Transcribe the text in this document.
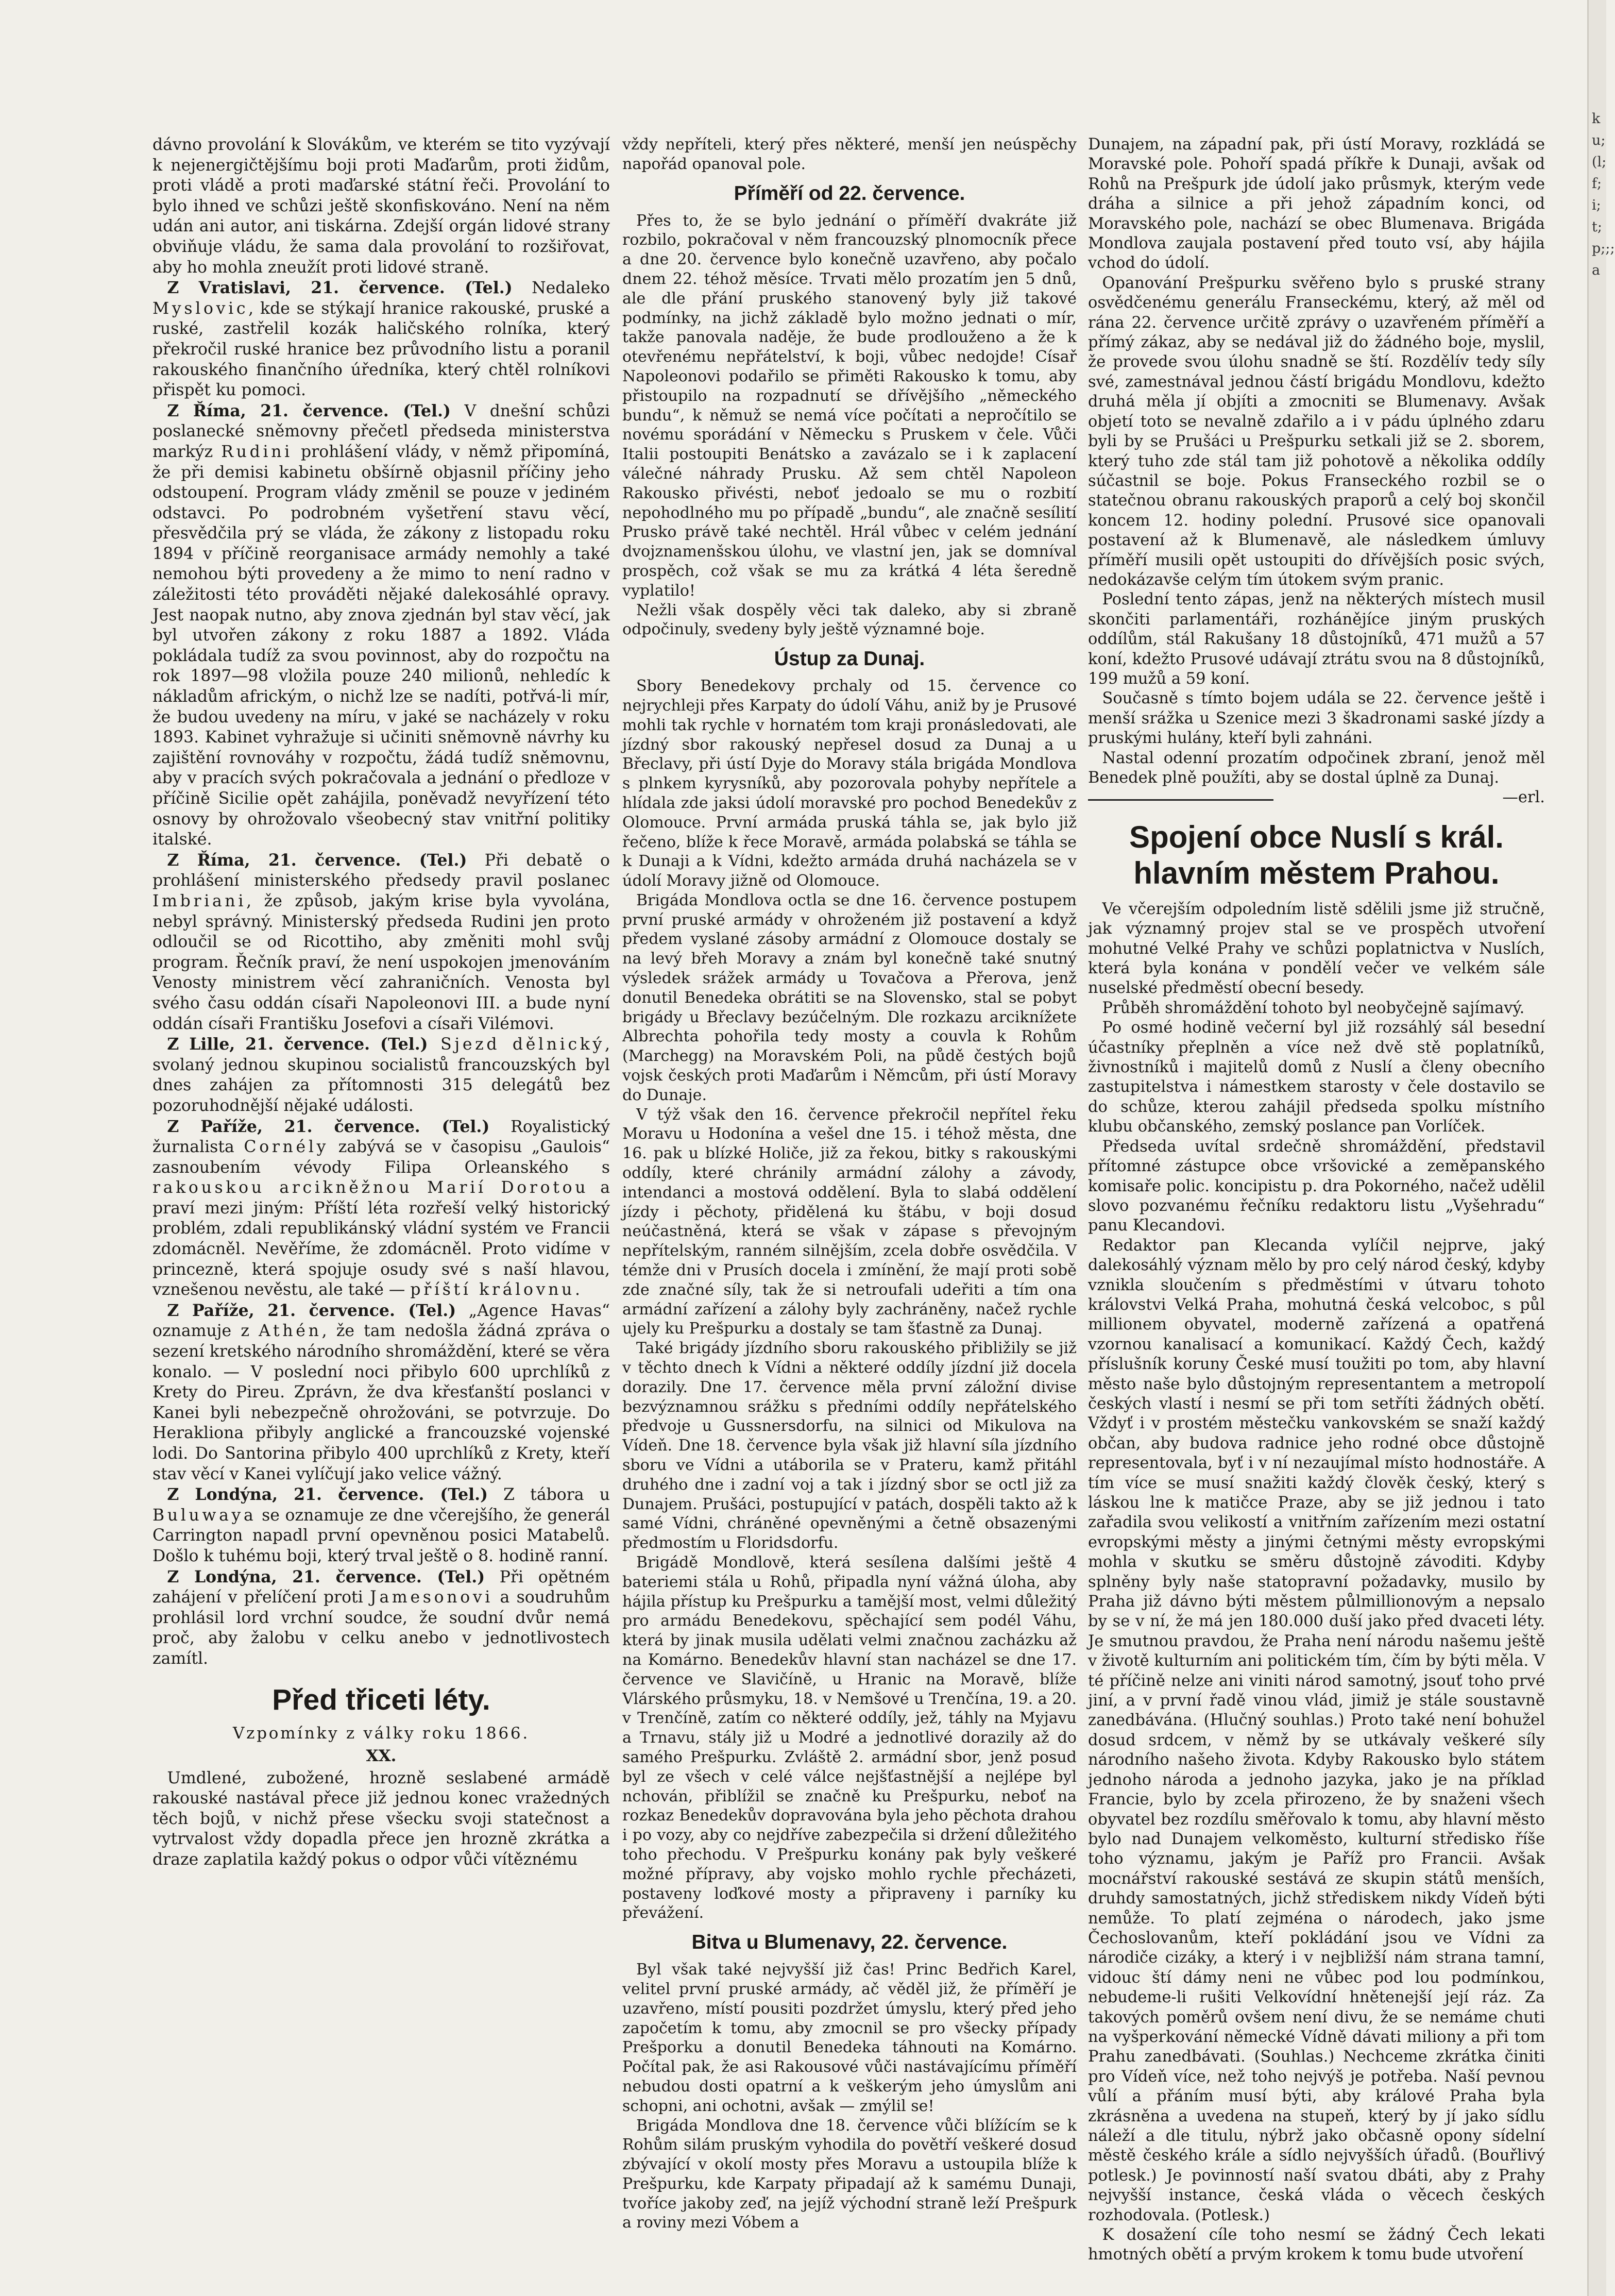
ku;(l;f;i;t;p;;;a

dávno provolání k Slovákům, ve kterém se tito vyzývají k nejenergičtějšímu boji proti Maďarům, proti židům, proti vládě a proti maďarské státní řeči. Provolání to bylo ihned ve schůzi ještě skonfiskováno. Není na něm udán ani autor, ani tiskárna. Zdejší orgán lidové strany obviňuje vládu, že sama dala provolání to rozšiřovat, aby ho mohla zneužít proti lidové straně.

Z Vratislavi, 21. července. (Tel.) Nedaleko Myslovic, kde se stýkají hranice rakouské, pruské a ruské, zastřelil kozák haličského rolníka, který překročil ruské hranice bez průvodního listu a poranil rakouského finančního úředníka, který chtěl rolníkovi přispět ku pomoci.

Z Říma, 21. července. (Tel.) V dnešní schůzi poslanecké sněmovny přečetl předseda ministerstva markýz Rudini prohlášení vlády, v němž připomíná, že při demisi kabinetu obšírně objasnil příčiny jeho odstoupení. Program vlády změnil se pouze v jediném odstavci. Po podrobném vyšetření stavu věcí, přesvědčila prý se vláda, že zákony z listopadu roku 1894 v příčině reorganisace armády nemohly a také nemohou býti provedeny a že mimo to není radno v záležitosti této prováděti nějaké dalekosáhlé opravy. Jest naopak nutno, aby znova zjednán byl stav věcí, jak byl utvořen zákony z roku 1887 a 1892. Vláda pokládala tudíž za svou povinnost, aby do rozpočtu na rok 1897—98 vložila pouze 240 milionů, nehledíc k nákladům africkým, o nichž lze se nadíti, potřvá-li mír, že budou uvedeny na míru, v jaké se nacházely v roku 1893. Kabinet vyhražuje si učiniti sněmovně návrhy ku zajištění rovnováhy v rozpočtu, žádá tudíž sněmovnu, aby v pracích svých pokračovala a jednání o předloze v příčině Sicilie opět zahájila, poněvadž nevyřízení této osnovy by ohrožovalo všeobecný stav vnitřní politiky italské.

Z Říma, 21. července. (Tel.) Při debatě o prohlášení ministerského předsedy pravil poslanec Imbriani, že způsob, jakým krise byla vyvolána, nebyl správný. Ministerský předseda Rudini jen proto odloučil se od Ricottiho, aby změniti mohl svůj program. Řečník praví, že není uspokojen jmenováním Venosty ministrem věcí zahraničních. Venosta byl svého času oddán císaři Napoleonovi III. a bude nyní oddán císaři Františku Josefovi a císaři Vilémovi.

Z Lille, 21. července. (Tel.) Sjezd dělnický, svolaný jednou skupinou socialistů francouzských byl dnes zahájen za přítomnosti 315 delegátů bez pozoruhodnější nějaké události.

Z Paříže, 21. července. (Tel.) Royalistický žurnalista Cornély zabývá se v časopisu „Gaulois“ zasnoubením vévody Filipa Orleanského s rakouskou arcikněžnou Marií Dorotou a praví mezi jiným: Příští léta rozřeší velký historický problém, zdali republikánský vládní systém ve Francii zdomácněl. Nevěříme, že zdomácněl. Proto vidíme v princezně, která spojuje osudy své s naší hlavou, vznešenou nevěstu, ale také — příští královnu.

Z Paříže, 21. července. (Tel.) „Agence Havas“ oznamuje z Athén, že tam nedošla žádná zpráva o sezení kretského národního shromáždění, které se věra konalo. — V poslední noci přibylo 600 uprchlíků z Krety do Pireu. Zprávn, že dva křesťanští poslanci v Kanei byli nebezpečně ohrožováni, se potvrzuje. Do Herakliona přibyly anglické a francouzské vojenské lodi. Do Santorina přibylo 400 uprchlíků z Krety, kteří stav věcí v Kanei vylíčují jako velice vážný.

Z Londýna, 21. července. (Tel.) Z tábora u Buluwaya se oznamuje ze dne včerejšího, že generál Carrington napadl první opevněnou posici Matabelů. Došlo k tuhému boji, který trval ještě o 8. hodině ranní.

Z Londýna, 21. července. (Tel.) Při opětném zahájení v přelíčení proti Jamesonovi a soudruhům prohlásil lord vrchní soudce, že soudní dvůr nemá proč, aby žalobu v celku anebo v jednotlivostech zamítl.

Před třiceti léty.
Vzpomínky z války roku 1866.
XX.

Umdlené, zubožené, hrozně seslabené armádě rakouské nastával přece již jednou konec vražedných těch bojů, v nichž přese všecku svoji statečnost a vytrvalost vždy dopadla přece jen hrozně zkrátka a draze zaplatila každý pokus o odpor vůči vítěznému

vždy nepříteli, který přes některé, menší jen neúspěchy napořád opanoval pole.

Příměří od 22. července.

Přes to, že se bylo jednání o příměří dvakráte již rozbilo, pokračoval v něm francouzský plnomocník přece a dne 20. července bylo konečně uzavřeno, aby počalo dnem 22. téhož měsíce. Trvati mělo prozatím jen 5 dnů, ale dle přání pruského stanovený byly již takové podmínky, na jichž základě bylo možno jednati o mír, takže panovala naděje, že bude prodlouženo a že k otevřenému nepřátelství, k boji, vůbec nedojde! Císař Napoleonovi podařilo se přiměti Rakousko k tomu, aby přistoupilo na rozpadnutí se dřívějšího „německého bundu“, k němuž se nemá více počítati a nepročítilo se novému sporádání v Německu s Pruskem v čele. Vůči Italii postoupiti Benátsko a zavázalo se i k zaplacení válečné náhrady Prusku. Až sem chtěl Napoleon Rakousko přivésti, neboť jedoalo se mu o rozbití nepohodlného mu po případě „bundu“, ale značně sesílití Prusko právě také nechtěl. Hrál vůbec v celém jednání dvojznamenšskou úlohu, ve vlastní jen, jak se domníval prospěch, což však se mu za krátká 4 léta šeredně vyplatilo!

Nežli však dospěly věci tak daleko, aby si zbraně odpočinuly, svedeny byly ještě významné boje.

Ústup za Dunaj.

Sbory Benedekovy prchaly od 15. července co nejrychleji přes Karpaty do údolí Váhu, aniž by je Prusové mohli tak rychle v hornatém tom kraji pronásledovati, ale jízdný sbor rakouský nepřesel dosud za Dunaj a u Břeclavy, při ústí Dyje do Moravy stála brigáda Mondlova s plnkem kyrysníků, aby pozorovala pohyby nepřítele a hlídala zde jaksi údolí moravské pro pochod Benedekův z Olomouce. První armáda pruská táhla se, jak bylo již řečeno, blíže k řece Moravě, armáda polabská se táhla se k Dunaji a k Vídni, kdežto armáda druhá nacházela se v údolí Moravy jižně od Olomouce.

Brigáda Mondlova octla se dne 16. července postupem první pruské armády v ohroženém již postavení a když předem vyslané zásoby armádní z Olomouce dostaly se na levý břeh Moravy a znám byl konečně také snutný výsledek srážek armády u Tovačova a Přerova, jenž donutil Benedeka obrátiti se na Slovensko, stal se pobyt brigády u Břeclavy bezúčelným. Dle rozkazu arciknížete Albrechta pohořila tedy mosty a couvla k Rohům (Marchegg) na Moravském Poli, na půdě čestých bojů vojsk českých proti Maďarům i Němcům, při ústí Moravy do Dunaje.

V týž však den 16. července překročil nepřítel řeku Moravu u Hodonína a vešel dne 15. i téhož města, dne 16. pak u blízké Holiče, již za řekou, bitky s rakouskými oddíly, které chránily armádní zálohy a závody, intendanci a mostová oddělení. Byla to slabá oddělení jízdy i pěchoty, přidělená ku štábu, v boji dosud neúčastněná, která se však v zápase s převojným nepřítelským, ranném silnějším, zcela dobře osvědčila. V témže dni v Prusích docela i zmínění, že mají proti sobě zde značné síly, tak že si netroufali udeřiti a tím ona armádní zařízení a zálohy byly zachráněny, načež rychle ujely ku Prešpurku a dostaly se tam šťastně za Dunaj.

Také brigády jízdního sboru rakouského přibližily se již v těchto dnech k Vídni a některé oddíly jízdní již docela dorazily. Dne 17. července měla první záložní divise bezvýznamnou srážku s předními oddíly nepřátelského předvoje u Gussnersdorfu, na silnici od Mikulova na Vídeň. Dne 18. července byla však již hlavní síla jízdního sboru ve Vídni a utáborila se v Prateru, kamž přitáhl druhého dne i zadní voj a tak i jízdný sbor se octl již za Dunajem. Prušáci, postupující v patách, dospěli takto až k samé Vídni, chráněné opevněnými a četně obsazenými předmostím u Floridsdorfu.

Brigádě Mondlově, která sesílena dalšími ještě 4 bateriemi stála u Rohů, připadla nyní vážná úloha, aby hájila přístup ku Prešpurku a tamější most, velmi důležitý pro armádu Benedekovu, spěchající sem podél Váhu, která by jinak musila udělati velmi značnou zacházku až na Komárno. Benedekův hlavní stan nacházel se dne 17. července ve Slavičíně, u Hranic na Moravě, blíže Vlárského průsmyku, 18. v Nemšové u Trenčína, 19. a 20. v Trenčíně, zatím co některé oddíly, jež, táhly na Myjavu a Trnavu, stály již u Modré a jednotlivé dorazily až do samého Prešpurku. Zvláště 2. armádní sbor, jenž posud byl ze všech v celé válce nejšťastnější a nejlépe byl nchován, přiblížil se značně ku Prešpurku, neboť na rozkaz Benedekův dopravována byla jeho pěchota drahou i po vozy, aby co nejdříve zabezpečila si držení důležitého toho přechodu. V Prešpurku konány pak byly veškeré možné přípravy, aby vojsko mohlo rychle přecházeti, postaveny loďkové mosty a připraveny i parníky ku převážení.

Bitva u Blumenavy, 22. července.

Byl však také nejvyšší již čas! Princ Bedřich Karel, velitel první pruské armády, ač věděl již, že příměří je uzavřeno, místí pousiti pozdržet úmyslu, který před jeho započetím k tomu, aby zmocnil se pro všecky případy Prešporku a donutil Benedeka táhnouti na Komárno. Počítal pak, že asi Rakousové vůči nastávajícímu příměří nebudou dosti opatrní a k veškerým jeho úmyslům ani schopni, ani ochotni, avšak — zmýlil se!

Brigáda Mondlova dne 18. července vůči blížícím se k Rohům silám pruským vyhodila do povětří veškeré dosud zbývající v okolí mosty přes Moravu a ustoupila blíže k Prešpurku, kde Karpaty připadají až k samému Dunaji, tvoříce jakoby zeď, na jejíž východní straně leží Prešpurk a roviny mezi Vóbem a

Dunajem, na západní pak, při ústí Moravy, rozkládá se Moravské pole. Pohoří spadá příkře k Dunaji, avšak od Rohů na Prešpurk jde údolí jako průsmyk, kterým vede dráha a silnice a při jehož západním konci, od Moravského pole, nachází se obec Blumenava. Brigáda Mondlova zaujala postavení před touto vsí, aby hájila vchod do údolí.

Opanování Prešpurku svěřeno bylo s pruské strany osvědčenému generálu Franseckému, který, až měl od rána 22. července určitě zprávy o uzavřeném příměří a přímý zákaz, aby se nedával již do žádného boje, myslil, že provede svou úlohu snadně se ští. Rozdělív tedy síly své, zamestnával jednou částí brigádu Mondlovu, kdežto druhá měla jí objíti a zmocniti se Blumenavy. Avšak objetí toto se nevalně zdařilo a i v pádu úplného zdaru byli by se Prušáci u Prešpurku setkali již se 2. sborem, který tuho zde stál tam již pohotově a několika oddíly súčastnil se boje. Pokus Franseckého rozbil se o statečnou obranu rakouských praporů a celý boj skončil koncem 12. hodiny polední. Prusové sice opanovali postavení až k Blumenavě, ale následkem úmluvy příměří musili opět ustoupiti do dřívějších posic svých, nedokázavše celým tím útokem svým pranic.

Poslední tento zápas, jenž na některých místech musil skončiti parlamentáři, rozhánějíce jiným pruských oddílům, stál Rakušany 18 důstojníků, 471 mužů a 57 koní, kdežto Prusové udávají ztrátu svou na 8 důstojníků, 199 mužů a 59 koní.

Současně s tímto bojem udála se 22. července ještě i menší srážka u Szenice mezi 3 škadronami saské jízdy a pruskými hulány, kteří byli zahnáni.

Nastal odenní prozatím odpočinek zbraní, jenož měl Benedek plně použíti, aby se dostal úplně za Dunaj.

—erl.
Spojení obce Nuslí s král. hlavním městem Prahou.

Ve včerejším odpoledním listě sdělili jsme již stručně, jak významný projev stal se ve prospěch utvoření mohutné Velké Prahy ve schůzi poplatnictva v Nuslích, která byla konána v pondělí večer ve velkém sále nuselské předměstí obecní besedy.

Průběh shromáždění tohoto byl neobyčejně sajímavý.

Po osmé hodině večerní byl již rozsáhlý sál besední účastníky přeplněn a více než dvě stě poplatníků, živnostníků i majitelů domů z Nuslí a členy obecního zastupitelstva i námestkem starosty v čele dostavilo se do schůze, kterou zahájil předseda spolku místního klubu občanského, zemský poslance pan Vorlíček.

Předseda uvítal srdečně shromáždění, představil přítomné zástupce obce vršovické a zeměpanského komisaře polic. koncipistu p. dra Pokorného, načež udělil slovo pozvanému řečníku redaktoru listu „Vyšehradu“ panu Klecandovi.

Redaktor pan Klecanda vylíčil nejprve, jaký dalekosáhlý význam mělo by pro celý národ český, kdyby vznikla sloučením s předměstími v útvaru tohoto královstvi Velká Praha, mohutná česká velcoboc, s půl millionem obyvatel, moderně zařízená a opatřená vzornou kanalisací a komunikací. Každý Čech, každý příslušník koruny České musí toužiti po tom, aby hlavní město naše bylo důstojným representantem a metropolí českých vlastí i nesmí se při tom setříti žádných obětí. Vždyť i v prostém městečku vankovském se snaží každý občan, aby budova radnice jeho rodné obce důstojně representovala, byť i v ní nezaujímal místo hodnostáře. A tím více se musí snažiti každý člověk český, který s láskou lne k matičce Praze, aby se již jednou i tato zařadila svou velikostí a vnitřním zařízením mezi ostatní evropskými městy a jinými četnými městy evropskými mohla v skutku se směru důstojně závoditi. Kdyby splněny byly naše statopravní požadavky, musilo by Praha již dávno býti městem půlmillionovým a nepsalo by se v ní, že má jen 180.000 duší jako před dvaceti léty. Je smutnou pravdou, že Praha není národu našemu ještě v životě kulturním ani politickém tím, čím by býti měla. V té příčině nelze ani viniti národ samotný, jsouť toho prvé jiní, a v první řadě vinou vlád, jimiž je stále soustavně zanedbávána. (Hlučný souhlas.) Proto také není bohužel dosud srdcem, v němž by se utkávaly veškeré síly národního našeho života. Kdyby Rakousko bylo státem jednoho národa a jednoho jazyka, jako je na příklad Francie, bylo by zcela přirozeno, že by snaženi všech obyvatel bez rozdílu směřovalo k tomu, aby hlavní město bylo nad Dunajem velkoměsto, kulturní středisko říše toho významu, jakým je Paříž pro Francii. Avšak mocnářství rakouské sestává ze skupin států menších, druhdy samostatných, jichž střediskem nikdy Vídeň býti nemůže. To platí zejména o národech, jako jsme Čechoslovanům, kteří pokládání jsou ve Vídni za národiče cizáky, a který i v nejbližší nám strana tamní, vidouc ští dámy neni ne vůbec pod lou podmínkou, nebudeme-li rušiti Velkovídní hnětenejší její ráz. Za takových poměrů ovšem není divu, že se nemáme chuti na vyšperkování německé Vídně dávati miliony a při tom Prahu zanedbávati. (Souhlas.) Nechceme zkrátka činiti pro Vídeň více, než toho nejvýš je potřeba. Naší pevnou vůlí a přáním musí býti, aby králové Praha byla zkrásněna a uvedena na stupeň, který by jí jako sídlu náleží a dle titulu, nýbrž jako občasně opony sídelní městě českého krále a sídlo nejvyšších úřadů. (Bouřlivý potlesk.) Je povinností naší svatou dbáti, aby z Prahy nejvyšší instance, česká vláda o věcech českých rozhodovala. (Potlesk.)

K dosažení cíle toho nesmí se žádný Čech lekati hmotných obětí a prvým krokem k tomu bude utvoření
